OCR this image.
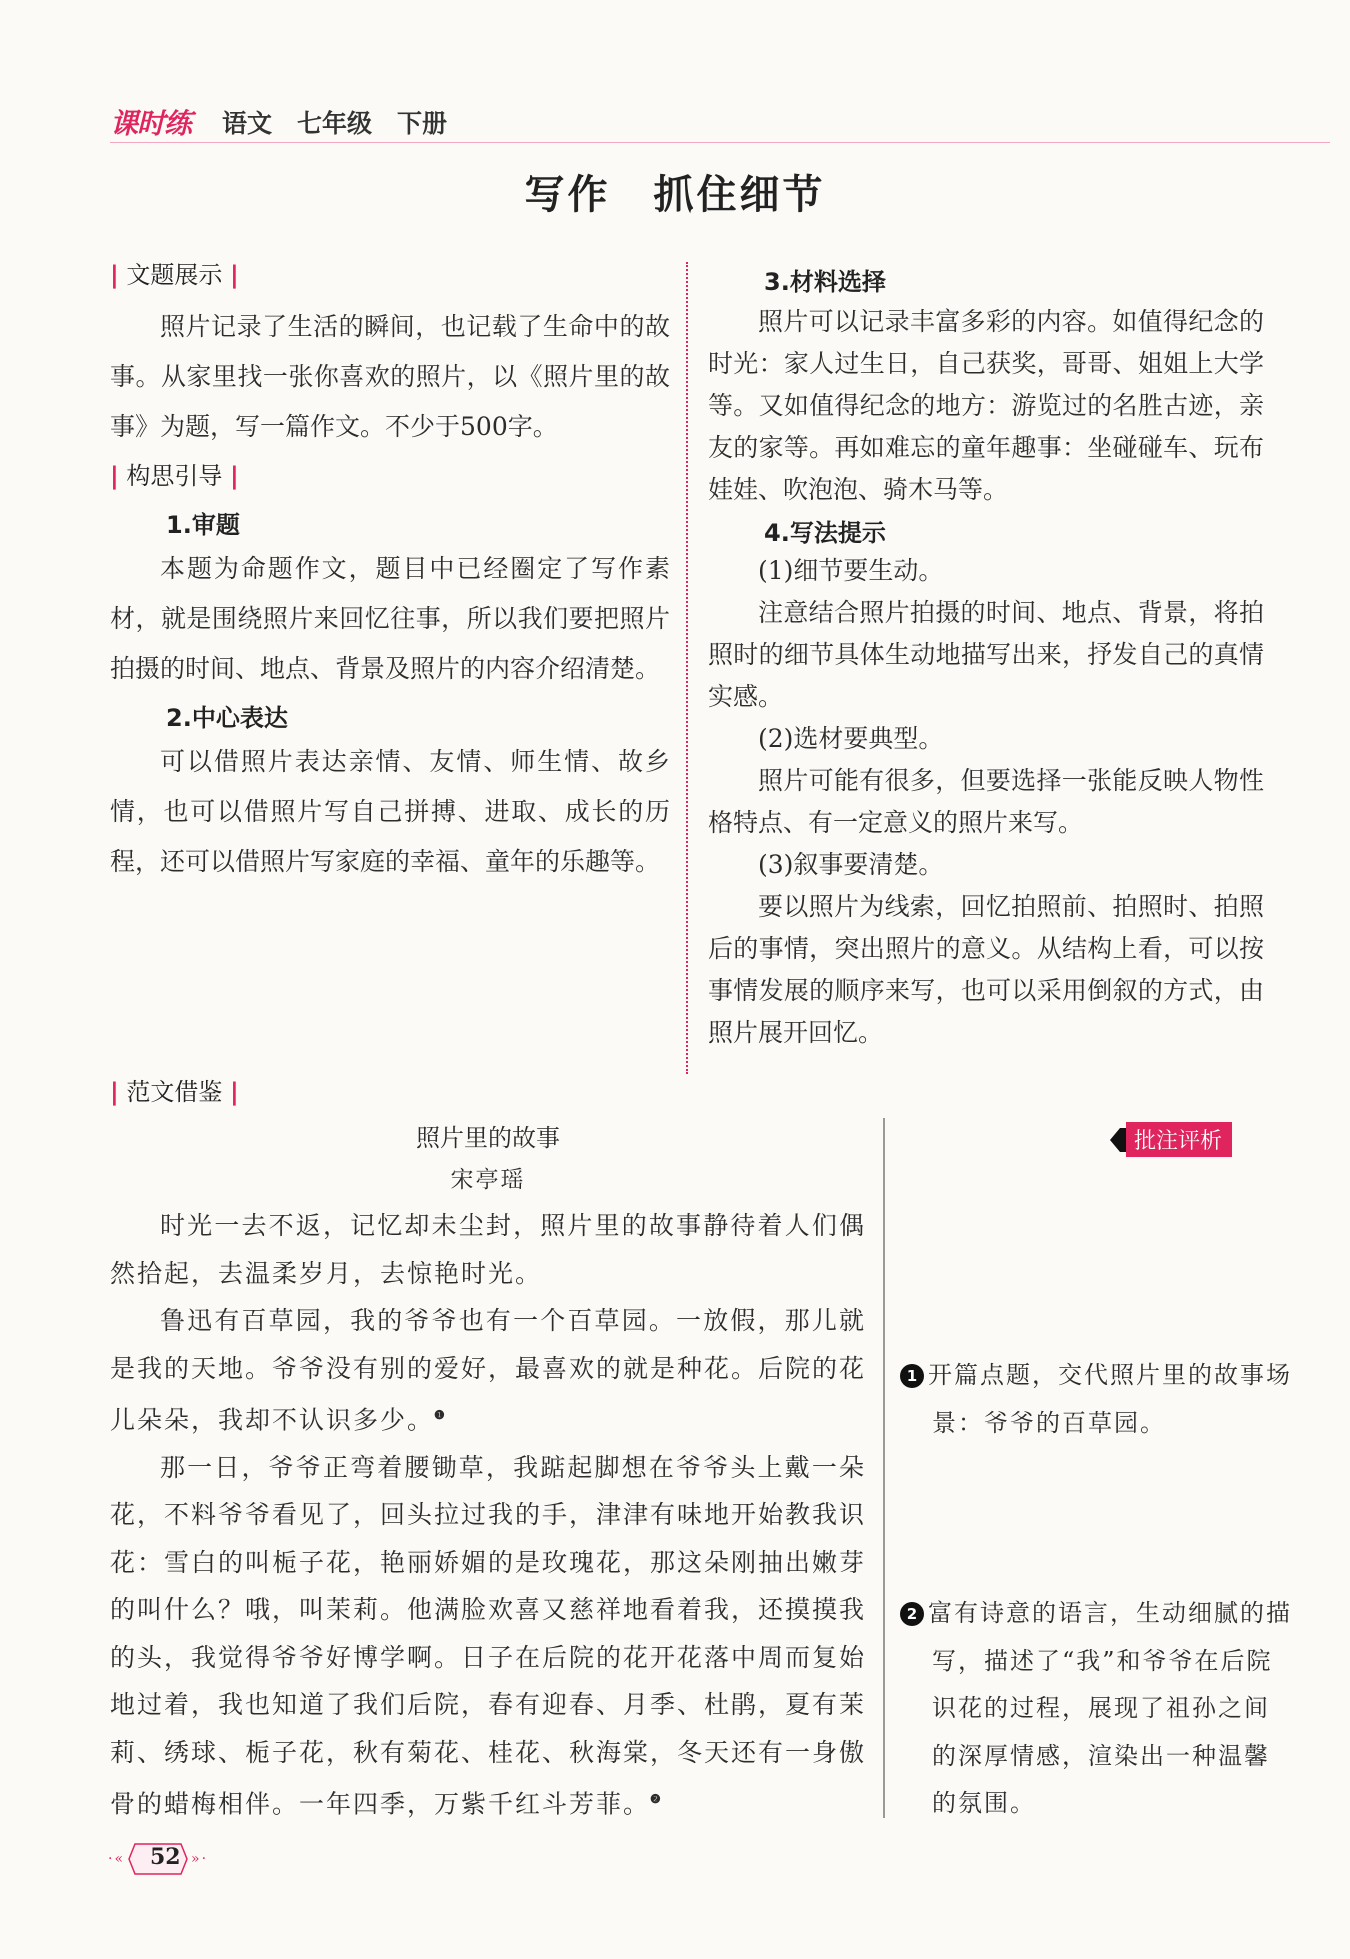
课时练 语文　七年级　下册
写作　抓住细节
| 文题展示 |
照片记录了生活的瞬间，也记载了生命中的故事。从家里找一张你喜欢的照片，以《照片里的故事》为题，写一篇作文。不少于500字。
| 构思引导 |
1.审题
本题为命题作文，题目中已经圈定了写作素材，就是围绕照片来回忆往事，所以我们要把照片拍摄的时间、地点、背景及照片的内容介绍清楚。
2.中心表达
可以借照片表达亲情、友情、师生情、故乡情，也可以借照片写自己拼搏、进取、成长的历程，还可以借照片写家庭的幸福、童年的乐趣等。
3.材料选择
照片可以记录丰富多彩的内容。如值得纪念的时光：家人过生日，自己获奖，哥哥、姐姐上大学等。又如值得纪念的地方：游览过的名胜古迹，亲友的家等。再如难忘的童年趣事：坐碰碰车、玩布娃娃、吹泡泡、骑木马等。
4.写法提示
(1)细节要生动。
注意结合照片拍摄的时间、地点、背景，将拍照时的细节具体生动地描写出来，抒发自己的真情实感。
(2)选材要典型。
照片可能有很多，但要选择一张能反映人物性格特点、有一定意义的照片来写。
(3)叙事要清楚。
要以照片为线索，回忆拍照前、拍照时、拍照后的事情，突出照片的意义。从结构上看，可以按事情发展的顺序来写，也可以采用倒叙的方式，由照片展开回忆。
| 范文借鉴 |
照片里的故事
宋亭瑶
时光一去不返，记忆却未尘封，照片里的故事静待着人们偶然拾起，去温柔岁月，去惊艳时光。
鲁迅有百草园，我的爷爷也有一个百草园。一放假，那儿就是我的天地。爷爷没有别的爱好，最喜欢的就是种花。后院的花儿朵朵，我却不认识多少。$^❶$
那一日，爷爷正弯着腰锄草，我踮起脚想在爷爷头上戴一朵花，不料爷爷看见了，回头拉过我的手，津津有味地开始教我识花：雪白的叫栀子花，艳丽娇媚的是玫瑰花，那这朵刚抽出嫩芽的叫什么？哦，叫茉莉。他满脸欢喜又慈祥地看着我，还摸摸我的头，我觉得爷爷好博学啊。日子在后院的花开花落中周而复始地过着，我也知道了我们后院，春有迎春、月季、杜鹃，夏有茉莉、绣球、栀子花，秋有菊花、桂花、秋海棠，冬天还有一身傲骨的蜡梅相伴。一年四季，万紫千红斗芳菲。$^❷$
批注评析
1 开篇点题，交代照片里的故事场景：爷爷的百草园。
2 富有诗意的语言，生动细腻的描写，描述了“我”和爷爷在后院识花的过程，展现了祖孙之间的深厚情感，渲染出一种温馨的氛围。
·« 52 »·
